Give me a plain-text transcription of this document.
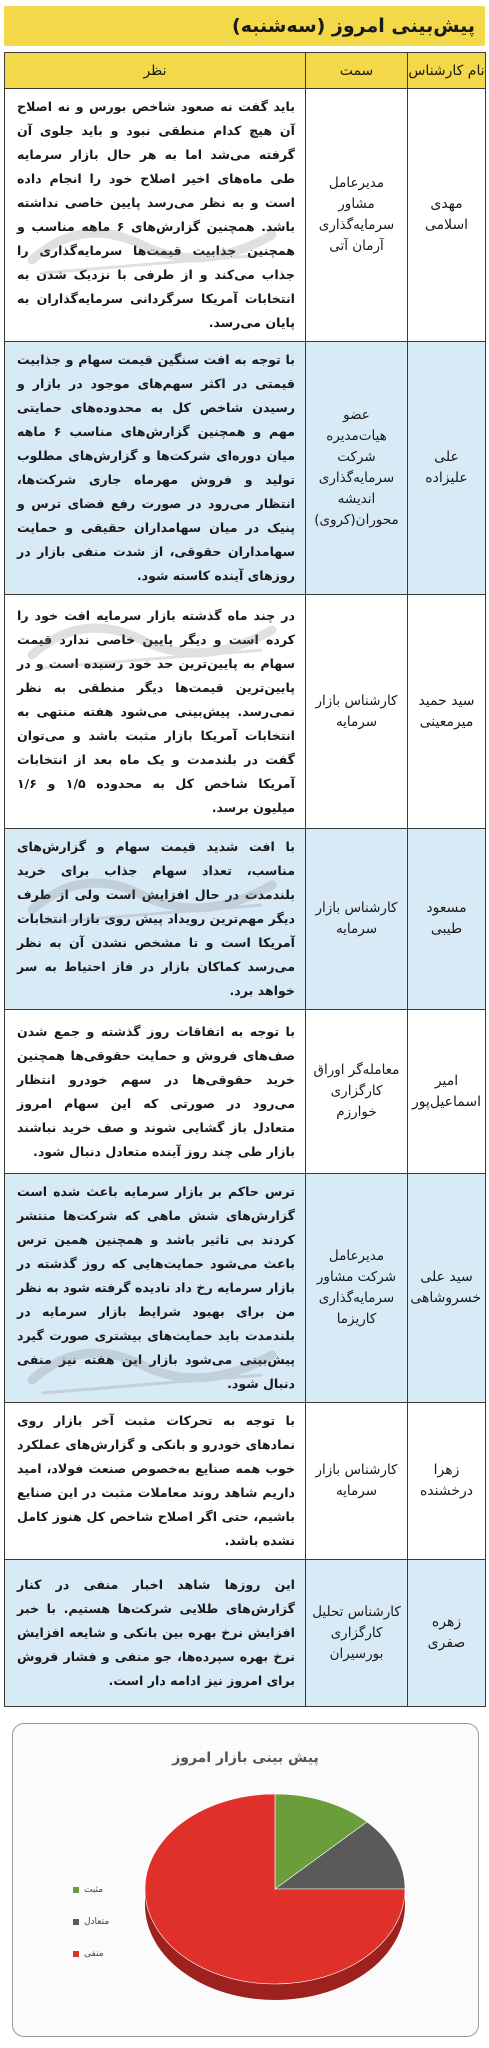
پیش‌بینی امروز (سه‌شنبه)
نام کارشناس	سمت	نظر
مهدی اسلامی	مدیرعامل مشاور سرمایه‌گذاری آرمان آتی	باید گفت نه صعود شاخص بورس و نه اصلاح آن هیچ کدام منطقی نبود و باید جلوی آن گرفته می‌شد اما به هر حال بازار سرمایه طی ماه‌های اخیر اصلاح خود را انجام داده است و به نظر می‌رسد پایین خاصی نداشته باشد. همچنین گزارش‌های ۶ ماهه مناسب و همچنین جذابیت قیمت‌ها سرمایه‌گذاری را جذاب می‌کند و از طرفی با نزدیک شدن به انتخابات آمریکا سرگردانی سرمایه‌گذاران به پایان می‌رسد.
علی علیزاده	عضو هیات‌مدیره شرکت سرمایه‌گذاری اندیشه محوران(کروی)	با توجه به افت سنگین قیمت سهام و جذابیت قیمتی در اکثر سهم‌های موجود در بازار و رسیدن شاخص کل به محدوده‌های حمایتی مهم و همچنین گزارش‌های مناسب ۶ ماهه میان دوره‌ای شرکت‌ها و گزارش‌های مطلوب تولید و فروش مهرماه جاری شرکت‌ها، انتظار می‌رود در صورت رفع فضای ترس و پنیک در میان سهامداران حقیقی و حمایت سهامداران حقوقی، از شدت منفی بازار در روزهای آینده کاسته شود.
سید حمید میرمعینی	کارشناس بازار سرمایه	در چند ماه گذشته بازار سرمایه افت خود را کرده است و دیگر پایین خاصی ندارد قیمت سهام به پایین‌ترین حد خود رسیده است و در پایین‌ترین قیمت‌ها دیگر منطقی به نظر نمی‌رسد. پیش‌بینی می‌شود هفته منتهی به انتخابات آمریکا بازار مثبت باشد و می‌توان گفت در بلندمدت و یک ماه بعد از انتخابات آمریکا شاخص کل به محدوده ۱/۵ و ۱/۶ میلیون برسد.
مسعود طیبی	کارشناس بازار سرمایه	با افت شدید قیمت سهام و گزارش‌های مناسب، تعداد سهام جذاب برای خرید بلندمدت در حال افزایش است ولی از طرف دیگر مهم‌ترین رویداد پیش روی بازار انتخابات آمریکا است و تا مشخص نشدن آن به نظر می‌رسد کماکان بازار در فاز احتیاط به سر خواهد برد.
امیر اسماعیل‌پور	معامله‌گر اوراق کارگزاری خوارزم	با توجه به اتفاقات روز گذشته و جمع شدن صف‌های فروش و حمایت حقوقی‌ها همچنین خرید حقوقی‌ها در سهم خودرو انتظار می‌رود در صورتی که این سهام امروز متعادل باز گشایی شوند و صف خرید نباشند بازار طی چند روز آینده متعادل دنبال شود.
سید علی خسروشاهی	مدیرعامل شرکت مشاور سرمایه‌گذاری کاریزما	ترس حاکم بر بازار سرمایه باعث شده است گزارش‌های شش ماهی که شرکت‌ها منتشر کردند بی تاثیر باشد و همچنین همین ترس باعث می‌شود حمایت‌هایی که روز گذشته در بازار سرمایه رخ داد نادیده گرفته شود به نظر من برای بهبود شرایط بازار سرمایه در بلندمدت باید حمایت‌های بیشتری صورت گیرد پیش‌بینی می‌شود بازار این هفته نیز منفی دنبال شود.
زهرا درخشنده	کارشناس بازار سرمایه	با توجه به تحرکات مثبت آخر بازار روی نمادهای خودرو و بانکی و گزارش‌های عملکرد خوب همه صنایع به‌خصوص صنعت فولاد، امید داریم شاهد روند معاملات مثبت در این صنایع باشیم، حتی اگر اصلاح شاخص کل هنوز کامل نشده باشد.
زهره صفری	کارشناس تحلیل کارگزاری بورسیران	این روزها شاهد اخبار منفی در کنار گزارش‌های طلایی شرکت‌ها هستیم. با خبر افزایش نرخ بهره بین بانکی و شایعه افزایش نرخ بهره سپرده‌ها، جو منفی و فشار فروش برای امروز نیز ادامه دار است.
پیش بینی بازار امروز
مثبت
متعادل
منفی
